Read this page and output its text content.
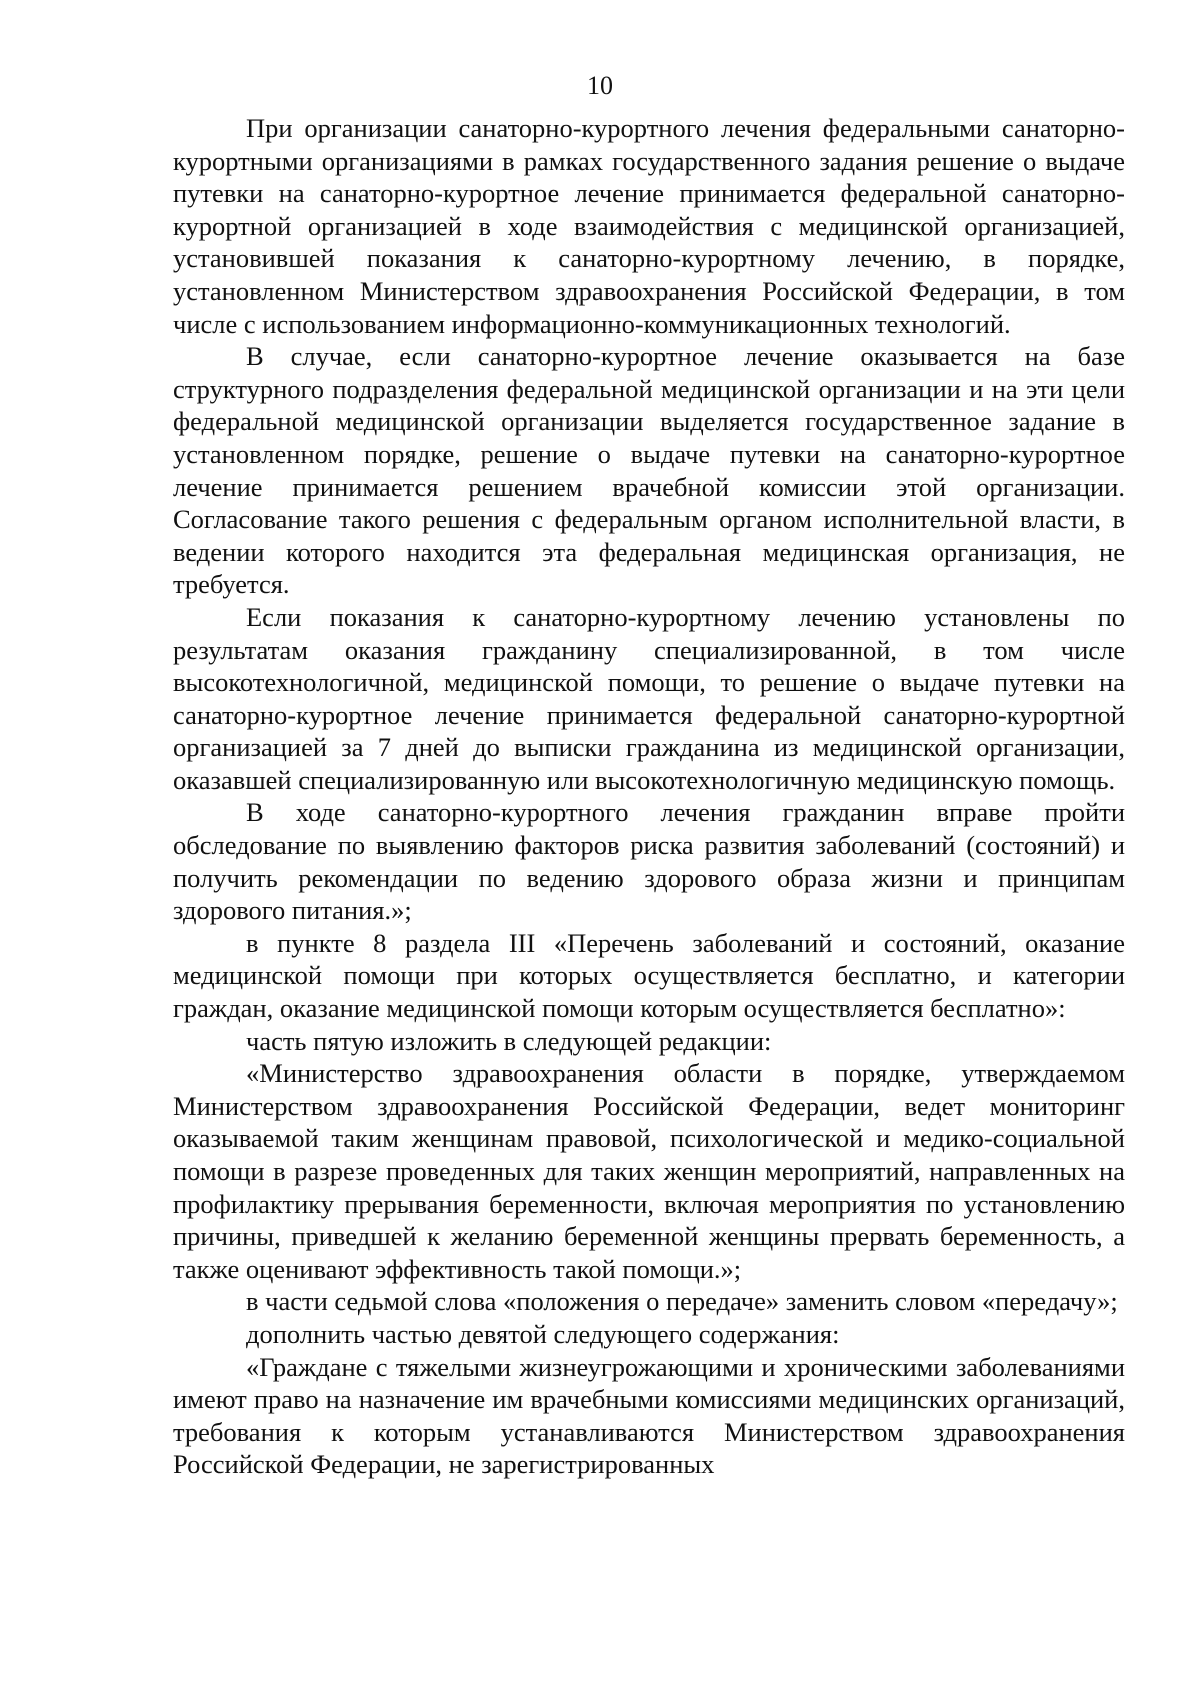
10

При организации санаторно-курортного лечения федеральными санаторно-курортными организациями в рамках государственного задания решение о выдаче путевки на санаторно-курортное лечение принимается федеральной санаторно-курортной организацией в ходе взаимодействия с медицинской организацией, установившей показания к санаторно-курортному лечению, в порядке, установленном Министерством здравоохранения Российской Федерации, в том числе с использованием информационно-коммуникационных технологий.

В случае, если санаторно-курортное лечение оказывается на базе структурного подразделения федеральной медицинской организации и на эти цели федеральной медицинской организации выделяется государственное задание в установленном порядке, решение о выдаче путевки на санаторно-курортное лечение принимается решением врачебной комиссии этой организации. Согласование такого решения с федеральным органом исполнительной власти, в ведении которого находится эта федеральная медицинская организация, не требуется.

Если показания к санаторно-курортному лечению установлены по результатам оказания гражданину специализированной, в том числе высокотехнологичной, медицинской помощи, то решение о выдаче путевки на санаторно-курортное лечение принимается федеральной санаторно-курортной организацией за 7 дней до выписки гражданина из медицинской организации, оказавшей специализированную или высокотехнологичную медицинскую помощь.

В ходе санаторно-курортного лечения гражданин вправе пройти обследование по выявлению факторов риска развития заболеваний (состояний) и получить рекомендации по ведению здорового образа жизни и принципам здорового питания.»;

в пункте 8 раздела III «Перечень заболеваний и состояний, оказание медицинской помощи при которых осуществляется бесплатно, и категории граждан, оказание медицинской помощи которым осуществляется бесплатно»:

часть пятую изложить в следующей редакции:

«Министерство здравоохранения области в порядке, утверждаемом Министерством здравоохранения Российской Федерации, ведет мониторинг оказываемой таким женщинам правовой, психологической и медико-социальной помощи в разрезе проведенных для таких женщин мероприятий, направленных на профилактику прерывания беременности, включая мероприятия по установлению причины, приведшей к желанию беременной женщины прервать беременность, а также оценивают эффективность такой помощи.»;

в части седьмой слова «положения о передаче» заменить словом «передачу»;

дополнить частью девятой следующего содержания:

«Граждане с тяжелыми жизнеугрожающими и хроническими заболеваниями имеют право на назначение им врачебными комиссиями медицинских организаций, требования к которым устанавливаются Министерством здравоохранения Российской Федерации, не зарегистрированных
